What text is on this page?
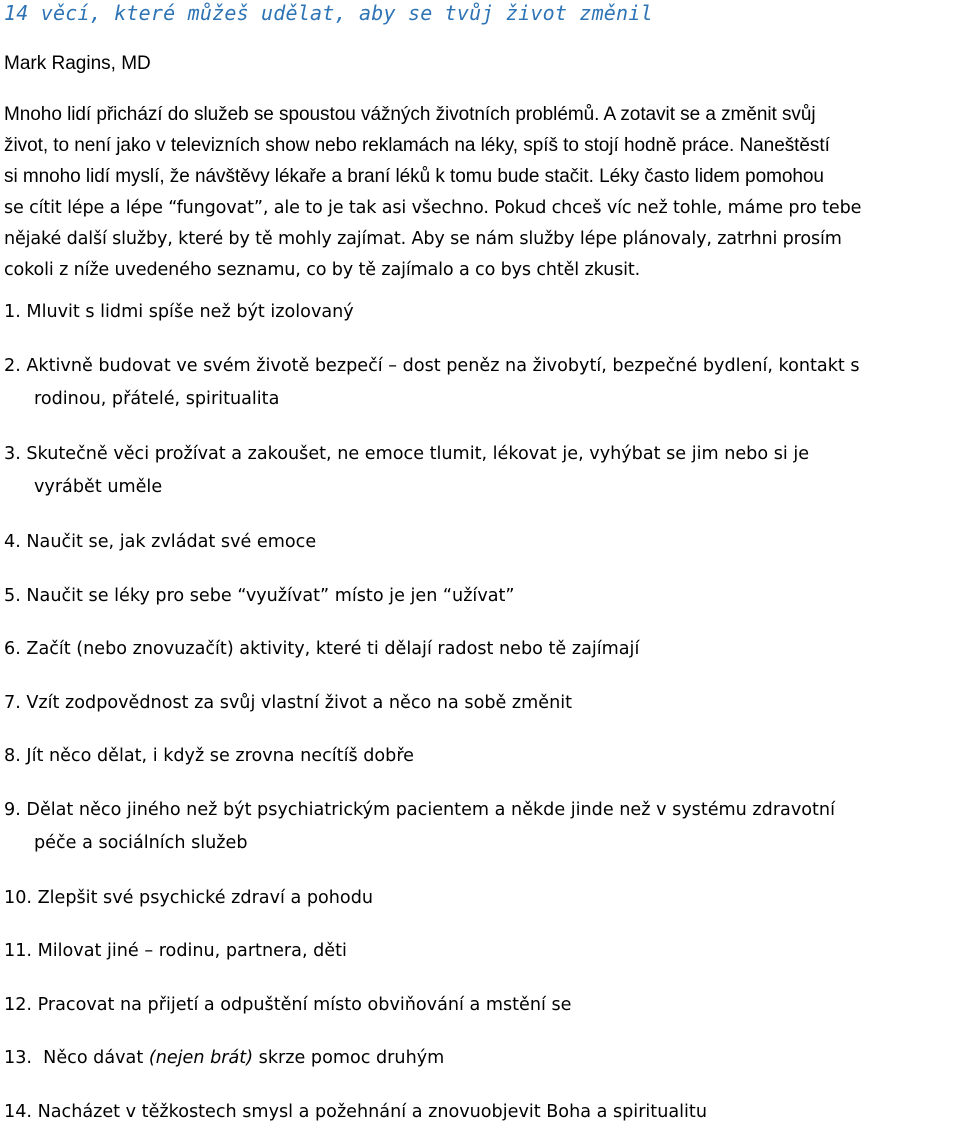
14 věcí, které můžeš udělat, aby se tvůj život změnil

Mark Ragins, MD

Mnoho lidí přichází do služeb se spoustou vážných životních problémů. A zotavit se a změnit svůj
život, to není jako v televizních show nebo reklamách na léky, spíš to stojí hodně práce. Naneštěstí
si mnoho lidí myslí, že návštěvy lékaře a braní léků k tomu bude stačit. Léky často lidem pomohou
se cítit lépe a lépe “fungovat”, ale to je tak asi všechno. Pokud chceš víc než tohle, máme pro tebe
nějaké další služby, které by tě mohly zajímat. Aby se nám služby lépe plánovaly, zatrhni prosím
cokoli z níže uvedeného seznamu, co by tě zajímalo a co bys chtěl zkusit.

1. Mluvit s lidmi spíše než být izolovaný
2. Aktivně budovat ve svém životě bezpečí – dost peněz na živobytí, bezpečné bydlení, kontakt s
rodinou, přátelé, spiritualita
3. Skutečně věci prožívat a zakoušet, ne emoce tlumit, lékovat je, vyhýbat se jim nebo si je
vyrábět uměle
4. Naučit se, jak zvládat své emoce
5. Naučit se léky pro sebe “využívat” místo je jen “užívat”
6. Začít (nebo znovuzačít) aktivity, které ti dělají radost nebo tě zajímají
7. Vzít zodpovědnost za svůj vlastní život a něco na sobě změnit
8. Jít něco dělat, i když se zrovna necítíš dobře
9. Dělat něco jiného než být psychiatrickým pacientem a někde jinde než v systému zdravotní
péče a sociálních služeb
10. Zlepšit své psychické zdraví a pohodu
11. Milovat jiné – rodinu, partnera, děti
12. Pracovat na přijetí a odpuštění místo obviňování a mstění se
13. Něco dávat (nejen brát) skrze pomoc druhým
14. Nacházet v těžkostech smysl a požehnání a znovuobjevit Boha a spiritualitu
